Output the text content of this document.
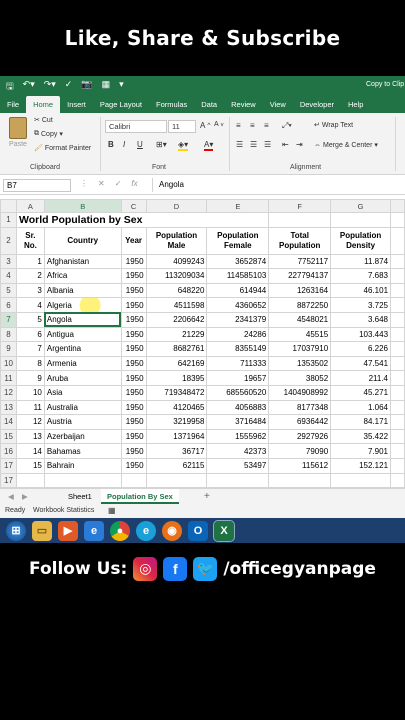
Like, Share & Subscribe
🖫 ↶▾ ↷▾ ✓ 📷 ▦ ▾	Copy to Clip
File	Home	Insert	Page Layout	Formulas	Data	Review	View	Developer	Help
Paste
✂ Cut
⧉ Copy ▾
🖌 Format Painter
Clipboard
Calibri	11	A ^ A v
B I U ⊞▾ ◈▾ A▾
Font
≡ ≡ ≡ ⤢▾	↵ Wrap Text
☰ ☰ ☰ ⇤ ⇥ ⇔ Merge & Center ▾
Alignment
B7	⋮ ✕ ✓ fx	Angola
	A	B	C	D	E	F	G	
1	World Population by Sex							
2	Sr. No.	Country	Year	Population Male	Population Female	Total Population	Population Density	
3	1	Afghanistan	1950	4099243	3652874	7752117	11.874	
4	2	Africa	1950	113209034	114585103	227794137	7.683	
5	3	Albania	1950	648220	614944	1263164	46.101	
6	4	Algeria	1950	4511598	4360652	8872250	3.725	
7	5	Angola	1950	2206642	2341379	4548021	3.648	
8	6	Antigua	1950	21229	24286	45515	103.443	
9	7	Argentina	1950	8682761	8355149	17037910	6.226	
10	8	Armenia	1950	642169	711333	1353502	47.541	
11	9	Aruba	1950	18395	19657	38052	211.4	
12	10	Asia	1950	719348472	685560520	1404908992	45.271	
13	11	Australia	1950	4120465	4056883	8177348	1.064	
14	12	Austria	1950	3219958	3716484	6936442	84.171	
15	13	Azerbaijan	1950	1371964	1555962	2927926	35.422	
16	14	Bahamas	1950	36717	42373	79090	7.901	
17	15	Bahrain	1950	62115	53497	115612	152.121	
17								
◀ ▶	Sheet1	Population By Sex	+
Ready Workbook Statistics ▦
⊞	▭	▶	e	●	e	◉	O	X
Follow Us: ◎	f	🐦 /officegyanpage
